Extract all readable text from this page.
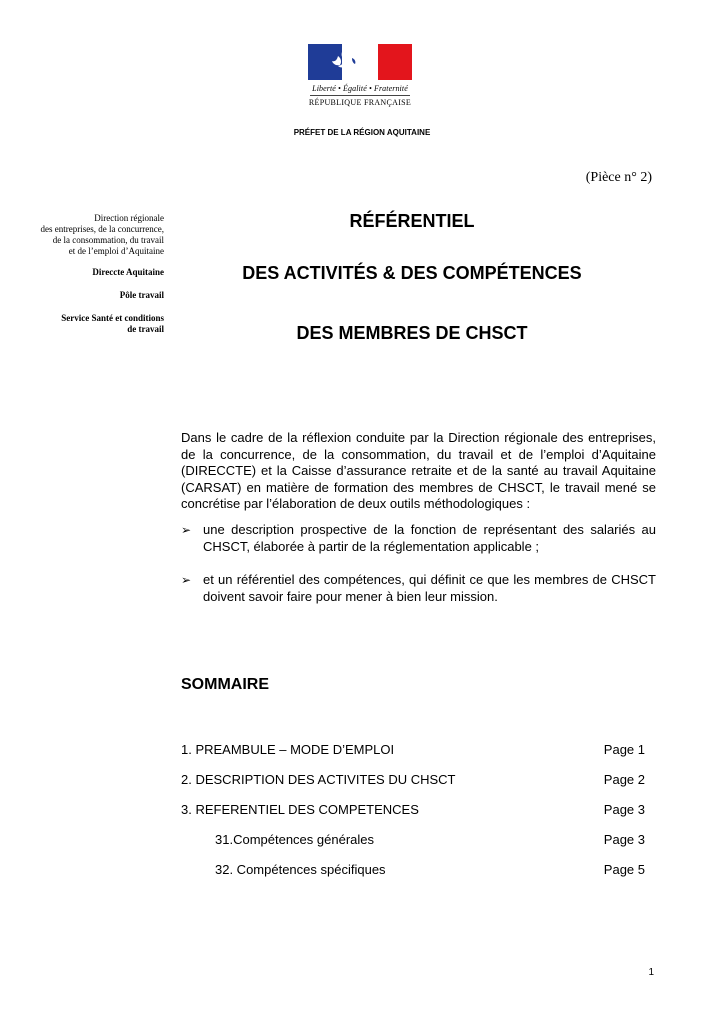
Liberté • Égalité • Fraternité
RÉPUBLIQUE FRANÇAISE
PRÉFET DE LA RÉGION AQUITAINE
(Pièce n° 2)
Direction régionale
des entreprises, de la concurrence,
de la consommation, du travail
et de l’emploi d’Aquitaine
Direccte Aquitaine
Pôle travail
Service Santé et conditions
de travail
RÉFÉRENTIEL
DES ACTIVITÉS & DES COMPÉTENCES
DES MEMBRES DE CHSCT
Dans le cadre de la réflexion conduite par la Direction régionale des entreprises, de la concurrence, de la consommation, du travail et de l’emploi d’Aquitaine (DIRECCTE) et la Caisse d’assurance retraite et de la santé au travail Aquitaine (CARSAT) en matière de formation des membres de CHSCT, le travail mené se concrétise par l’élaboration de deux outils méthodologiques :
➢ une description prospective de la fonction de représentant des salariés au CHSCT, élaborée à partir de la réglementation applicable ;
➢ et un référentiel des compétences, qui définit ce que les membres de CHSCT doivent savoir faire pour mener à bien leur mission.
SOMMAIRE
1. PREAMBULE – MODE D’EMPLOI	Page 1
2. DESCRIPTION DES ACTIVITES DU CHSCT	Page 2
3. REFERENTIEL DES COMPETENCES	Page 3
31.Compétences générales	Page 3
32. Compétences spécifiques	Page 5
1
